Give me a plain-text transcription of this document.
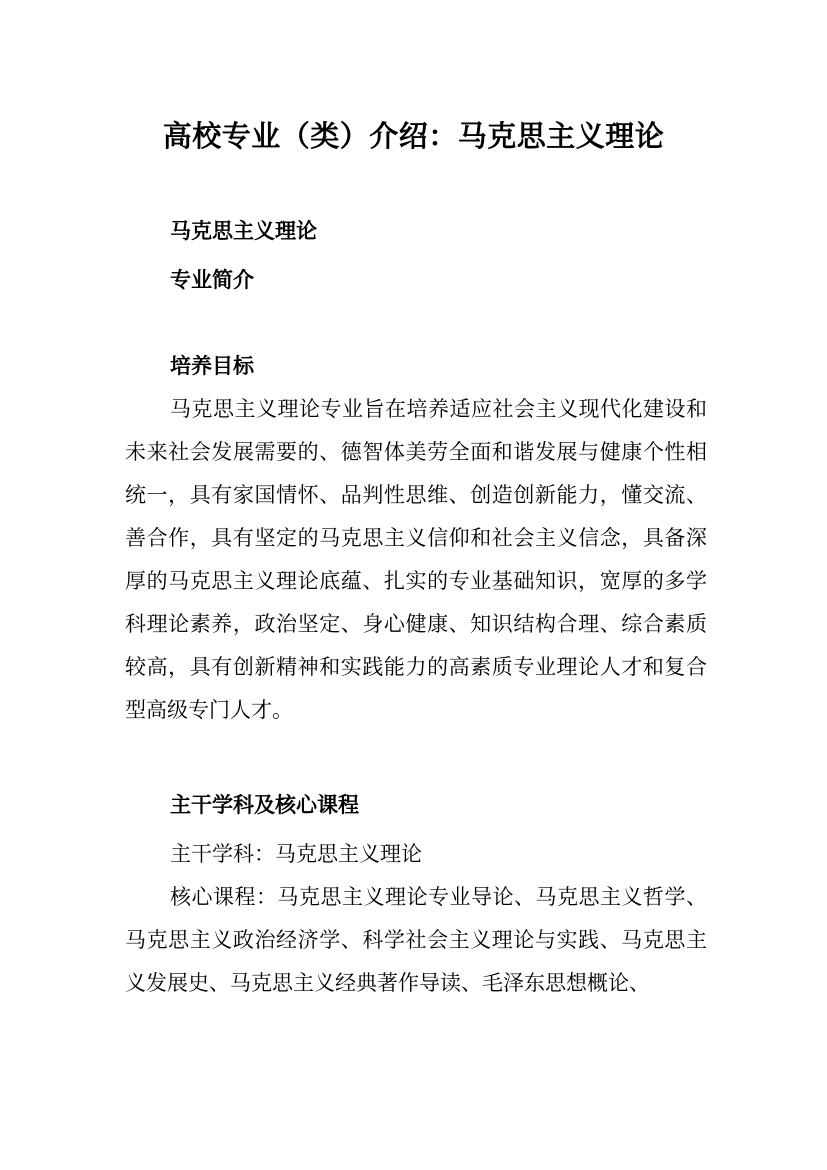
高校专业（类）介绍：马克思主义理论
马克思主义理论
专业简介
培养目标

马克思主义理论专业旨在培养适应社会主义现代化建设和未来社会发展需要的、德智体美劳全面和谐发展与健康个性相统一，具有家国情怀、品判性思维、创造创新能力，懂交流、善合作，具有坚定的马克思主义信仰和社会主义信念，具备深厚的马克思主义理论底蕴、扎实的专业基础知识，宽厚的多学科理论素养，政治坚定、身心健康、知识结构合理、综合素质较高，具有创新精神和实践能力的高素质专业理论人才和复合型高级专门人才。

主干学科及核心课程

主干学科：马克思主义理论

核心课程：马克思主义理论专业导论、马克思主义哲学、马克思主义政治经济学、科学社会主义理论与实践、马克思主义发展史、马克思主义经典著作导读、毛泽东思想概论、
